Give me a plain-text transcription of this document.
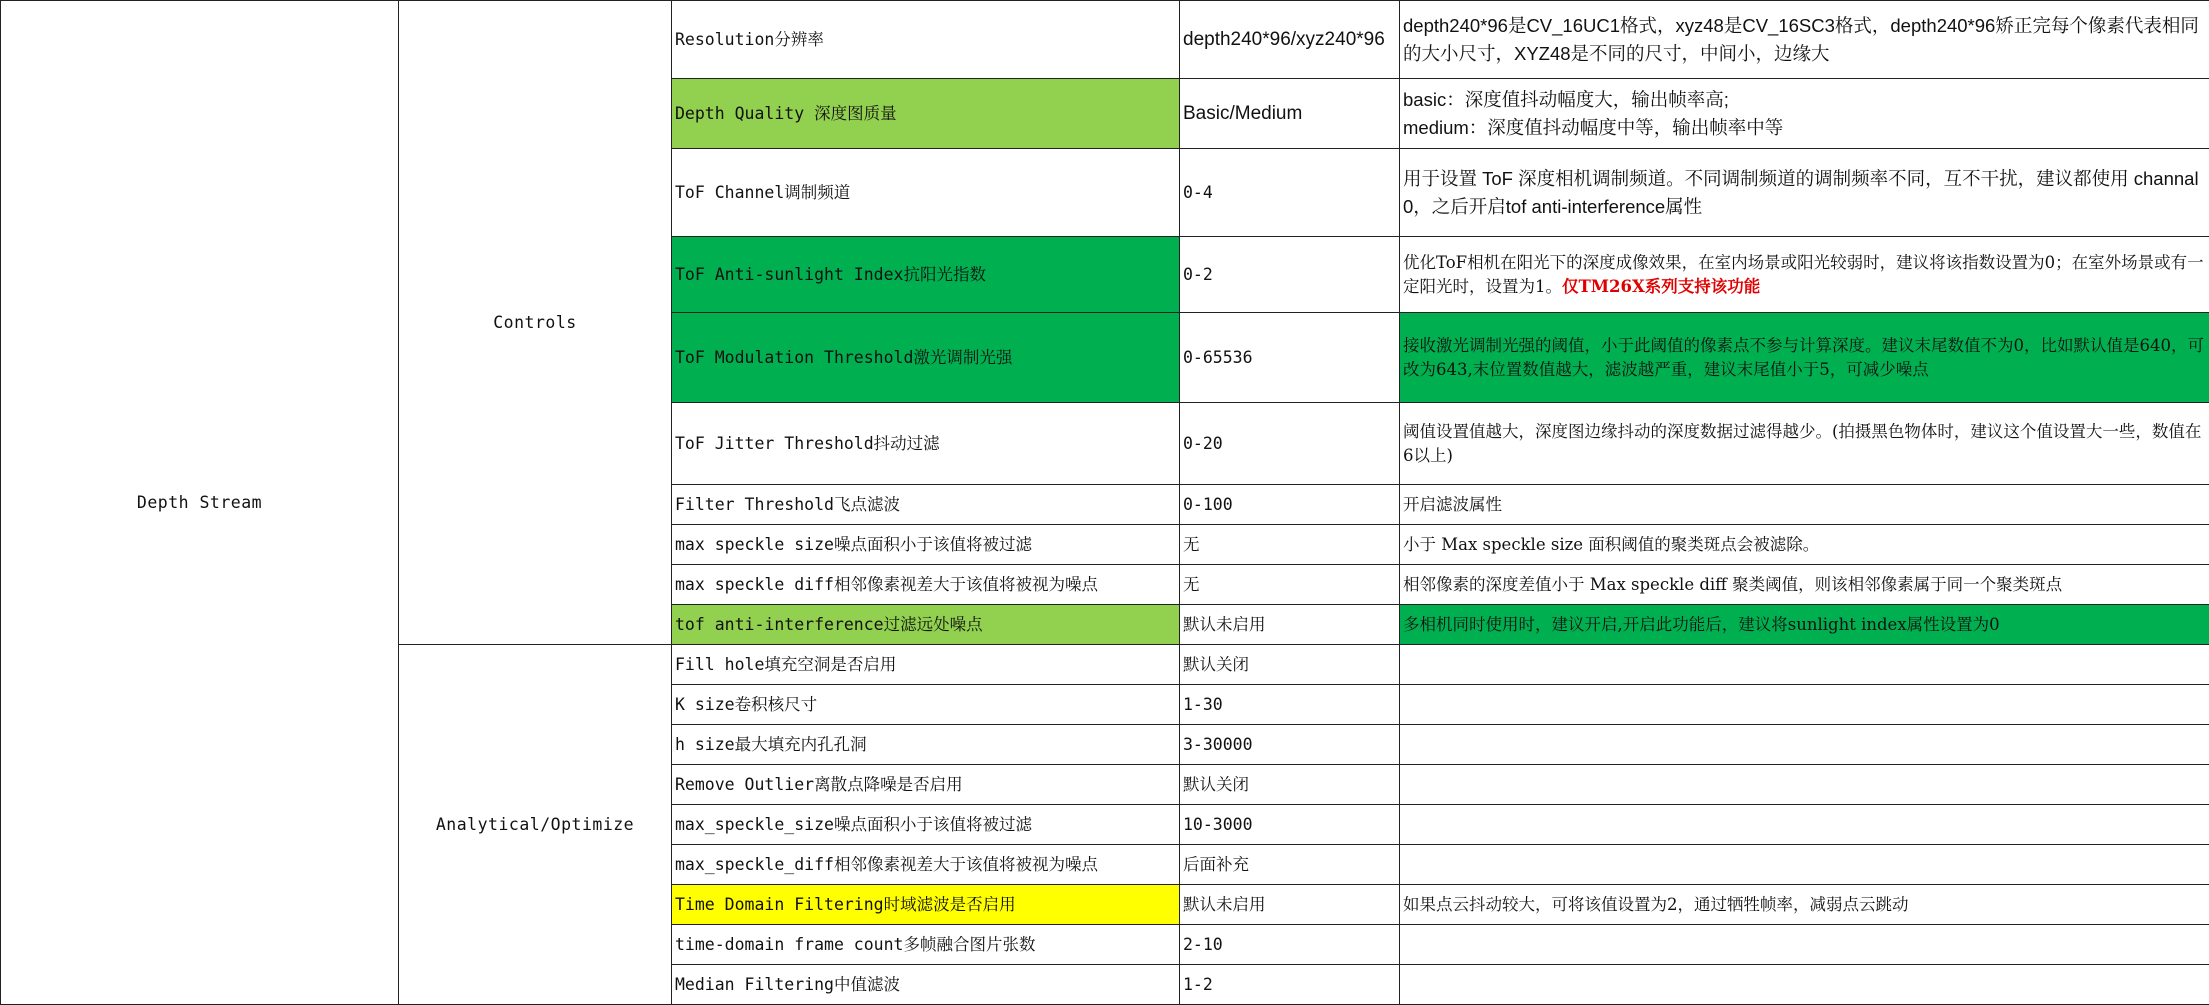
Depth Stream	Controls	Resolution分辨率	depth240*96/xyz240*96	depth240*96是CV_16UC1格式，xyz48是CV_16SC3格式，depth240*96矫正完每个像素代表相同的大小尺寸，XYZ48是不同的尺寸，中间小，边缘大
		Depth Quality 深度图质量	Basic/Medium	basic：深度值抖动幅度大，输出帧率高;
medium：深度值抖动幅度中等，输出帧率中等

		ToF Channel调制频道	0-4	用于设置 ToF 深度相机调制频道。不同调制频道的调制频率不同，互不干扰，建议都使用 channal 0，之后开启tof anti-interference属性
		ToF Anti-sunlight Index抗阳光指数	0-2	优化ToF相机在阳光下的深度成像效果，在室内场景或阳光较弱时，建议将该指数设置为0；在室外场景或有一定阳光时，设置为1。仅TM26X系列支持该功能
		ToF Modulation Threshold激光调制光强	0-65536	接收激光调制光强的阈值，小于此阈值的像素点不参与计算深度。建议末尾数值不为0，比如默认值是640，可改为643,末位置数值越大，滤波越严重，建议末尾值小于5，可减少噪点
		ToF Jitter Threshold抖动过滤	0-20	阈值设置值越大，深度图边缘抖动的深度数据过滤得越少。(拍摄黑色物体时，建议这个值设置大一些，数值在6以上)
		Filter Threshold飞点滤波	0-100	开启滤波属性
		max speckle size噪点面积小于该值将被过滤	无	小于 Max speckle size 面积阈值的聚类斑点会被滤除。
		max speckle diff相邻像素视差大于该值将被视为噪点	无	相邻像素的深度差值小于 Max speckle diff 聚类阈值，则该相邻像素属于同一个聚类斑点
		tof anti-interference过滤远处噪点	默认未启用	多相机同时使用时，建议开启,开启此功能后，建议将sunlight index属性设置为0
	Analytical/Optimize	Fill hole填充空洞是否启用	默认关闭	
		K size卷积核尺寸	1-30	
		h size最大填充内孔孔洞	3-30000	
		Remove Outlier离散点降噪是否启用	默认关闭	
		max_speckle_size噪点面积小于该值将被过滤	10-3000	
		max_speckle_diff相邻像素视差大于该值将被视为噪点	后面补充	
		Time Domain Filtering时域滤波是否启用	默认未启用	如果点云抖动较大，可将该值设置为2，通过牺牲帧率，减弱点云跳动
		time-domain frame count多帧融合图片张数	2-10	
		Median Filtering中值滤波	1-2	
